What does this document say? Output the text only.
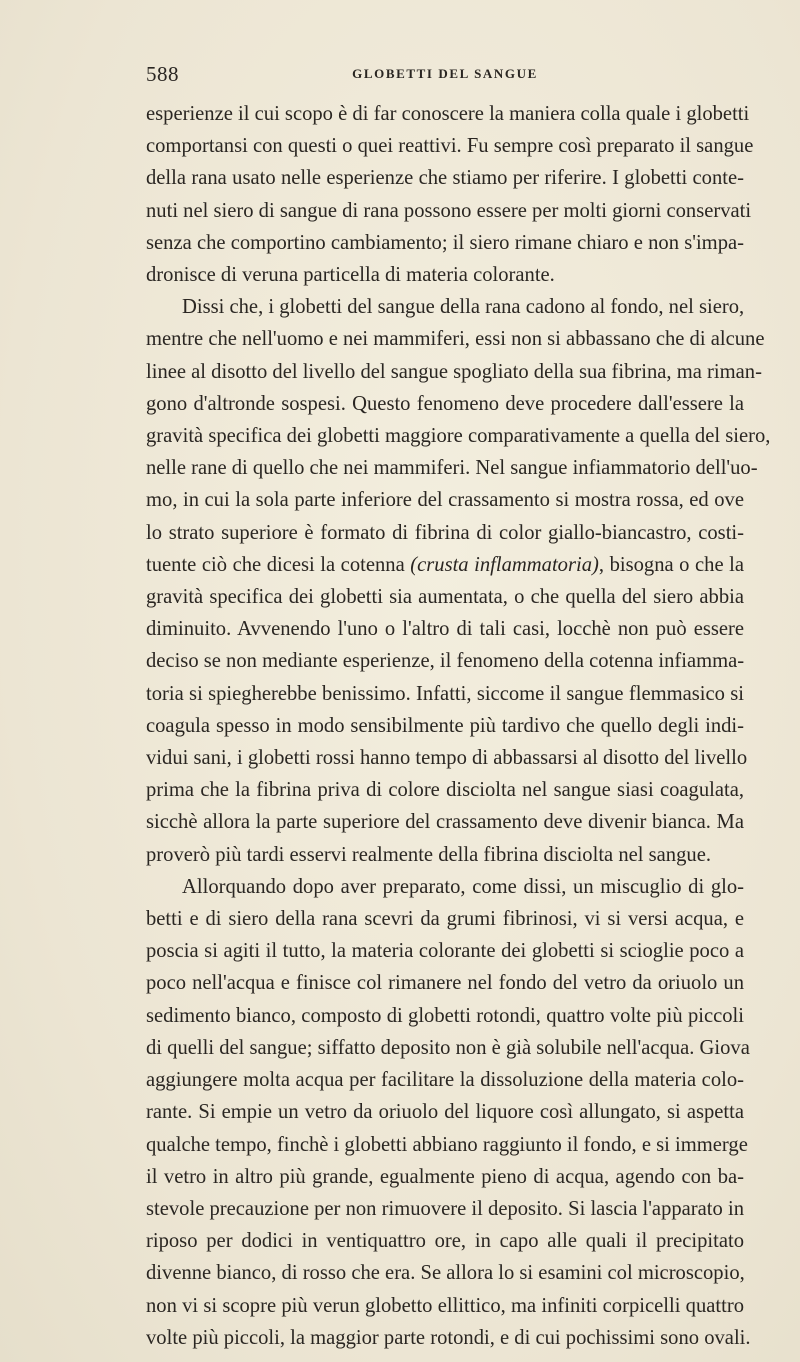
588	GLOBETTI DEL SANGUE

esperienze il cui scopo è di far conoscere la maniera colla quale i globetti
comportansi con questi o quei reattivi. Fu sempre così preparato il sangue
della rana usato nelle esperienze che stiamo per riferire. I globetti conte-
nuti nel siero di sangue di rana possono essere per molti giorni conservati
senza che comportino cambiamento; il siero rimane chiaro e non s'impa-
dronisce di veruna particella di materia colorante.

Dissi che, i globetti del sangue della rana cadono al fondo, nel siero,
mentre che nell'uomo e nei mammiferi, essi non si abbassano che di alcune
linee al disotto del livello del sangue spogliato della sua fibrina, ma riman-
gono d'altronde sospesi. Questo fenomeno deve procedere dall'essere la
gravità specifica dei globetti maggiore comparativamente a quella del siero,
nelle rane di quello che nei mammiferi. Nel sangue infiammatorio dell'uo-
mo, in cui la sola parte inferiore del crassamento si mostra rossa, ed ove
lo strato superiore è formato di fibrina di color giallo-biancastro, costi-
tuente ciò che dicesi la cotenna (crusta inflammatoria), bisogna o che la
gravità specifica dei globetti sia aumentata, o che quella del siero abbia
diminuito. Avvenendo l'uno o l'altro di tali casi, locchè non può essere
deciso se non mediante esperienze, il fenomeno della cotenna infiamma-
toria si spiegherebbe benissimo. Infatti, siccome il sangue flemmasico si
coagula spesso in modo sensibilmente più tardivo che quello degli indi-
vidui sani, i globetti rossi hanno tempo di abbassarsi al disotto del livello
prima che la fibrina priva di colore disciolta nel sangue siasi coagulata,
sicchè allora la parte superiore del crassamento deve divenir bianca. Ma
proverò più tardi esservi realmente della fibrina disciolta nel sangue.

Allorquando dopo aver preparato, come dissi, un miscuglio di glo-
betti e di siero della rana scevri da grumi fibrinosi, vi si versi acqua, e
poscia si agiti il tutto, la materia colorante dei globetti si scioglie poco a
poco nell'acqua e finisce col rimanere nel fondo del vetro da oriuolo un
sedimento bianco, composto di globetti rotondi, quattro volte più piccoli
di quelli del sangue; siffatto deposito non è già solubile nell'acqua. Giova
aggiungere molta acqua per facilitare la dissoluzione della materia colo-
rante. Si empie un vetro da oriuolo del liquore così allungato, si aspetta
qualche tempo, finchè i globetti abbiano raggiunto il fondo, e si immerge
il vetro in altro più grande, egualmente pieno di acqua, agendo con ba-
stevole precauzione per non rimuovere il deposito. Si lascia l'apparato in
riposo per dodici in ventiquattro ore, in capo alle quali il precipitato
divenne bianco, di rosso che era. Se allora lo si esamini col microscopio,
non vi si scopre più verun globetto ellittico, ma infiniti corpicelli quattro
volte più piccoli, la maggior parte rotondi, e di cui pochissimi sono ovali.
